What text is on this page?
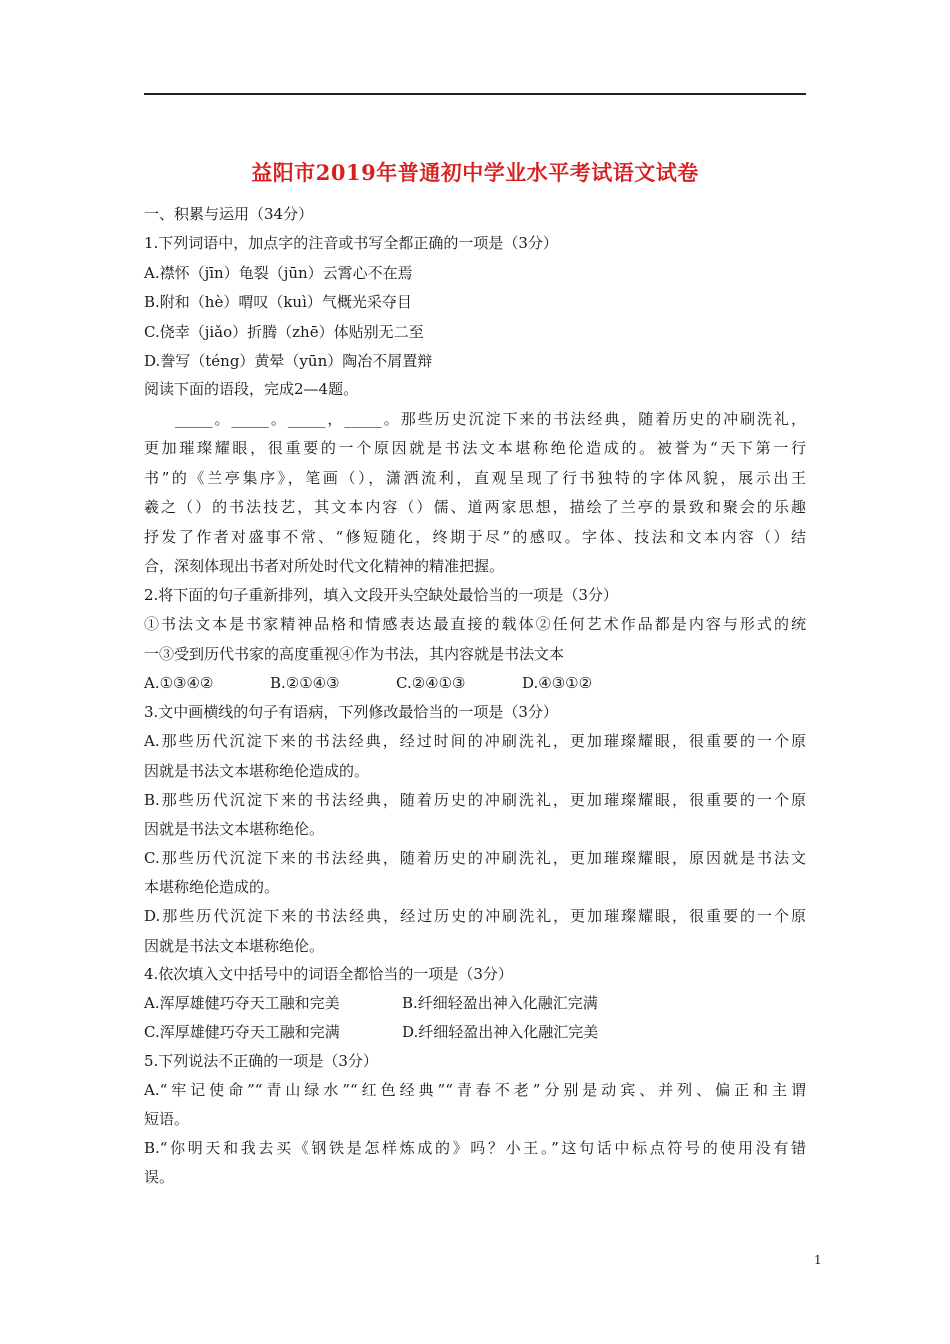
益阳市2019年普通初中学业水平考试语文试卷
一、积累与运用（34分）
1.下列词语中，加点字的注音或书写全都正确的一项是（3分）
A.襟怀（jīn）龟裂（jūn）云霄心不在焉
B.附和（hè）喟叹（kuì）气概光采夺目
C.侥幸（jiǎo）折腾（zhē）体贴别无二至
D.誊写（téng）黄晕（yūn）陶冶不屑置辩
阅读下面的语段，完成2—4题。
_____。_____。_____，_____。那些历史沉淀下来的书法经典，随着历史的冲刷洗礼，
更加璀璨耀眼，很重要的一个原因就是书法文本堪称绝伦造成的。被誉为“天下第一行
书”的《兰亭集序》，笔画（），潇洒流利，直观呈现了行书独特的字体风貌，展示出王
羲之（）的书法技艺，其文本内容（）儒、道两家思想，描绘了兰亭的景致和聚会的乐趣
抒发了作者对盛事不常、“修短随化，终期于尽”的感叹。字体、技法和文本内容（）结
合，深刻体现出书者对所处时代文化精神的精准把握。
2.将下面的句子重新排列，填入文段开头空缺处最恰当的一项是（3分）
①书法文本是书家精神品格和情感表达最直接的载体②任何艺术作品都是内容与形式的统
一③受到历代书家的高度重视④作为书法，其内容就是书法文本
A.①③④②	B.②①④③	C.②④①③	D.④③①②
3.文中画横线的句子有语病，下列修改最恰当的一项是（3分）
A.那些历代沉淀下来的书法经典，经过时间的冲刷洗礼，更加璀璨耀眼，很重要的一个原
因就是书法文本堪称绝伦造成的。
B.那些历代沉淀下来的书法经典，随着历史的冲刷洗礼，更加璀璨耀眼，很重要的一个原
因就是书法文本堪称绝伦。
C.那些历代沉淀下来的书法经典，随着历史的冲刷洗礼，更加璀璨耀眼，原因就是书法文
本堪称绝伦造成的。
D.那些历代沉淀下来的书法经典，经过历史的冲刷洗礼，更加璀璨耀眼，很重要的一个原
因就是书法文本堪称绝伦。
4.依次填入文中括号中的词语全都恰当的一项是（3分）
A.浑厚雄健巧夺天工融和完美	B.纤细轻盈出神入化融汇完满
C.浑厚雄健巧夺天工融和完满	D.纤细轻盈出神入化融汇完美
5.下列说法不正确的一项是（3分）
A.“牢记使命”“青山绿水”“红色经典”“青春不老”分别是动宾、并列、偏正和主谓
短语。
B.“你明天和我去买《钢铁是怎样炼成的》吗？小王。”这句话中标点符号的使用没有错
误。
1
